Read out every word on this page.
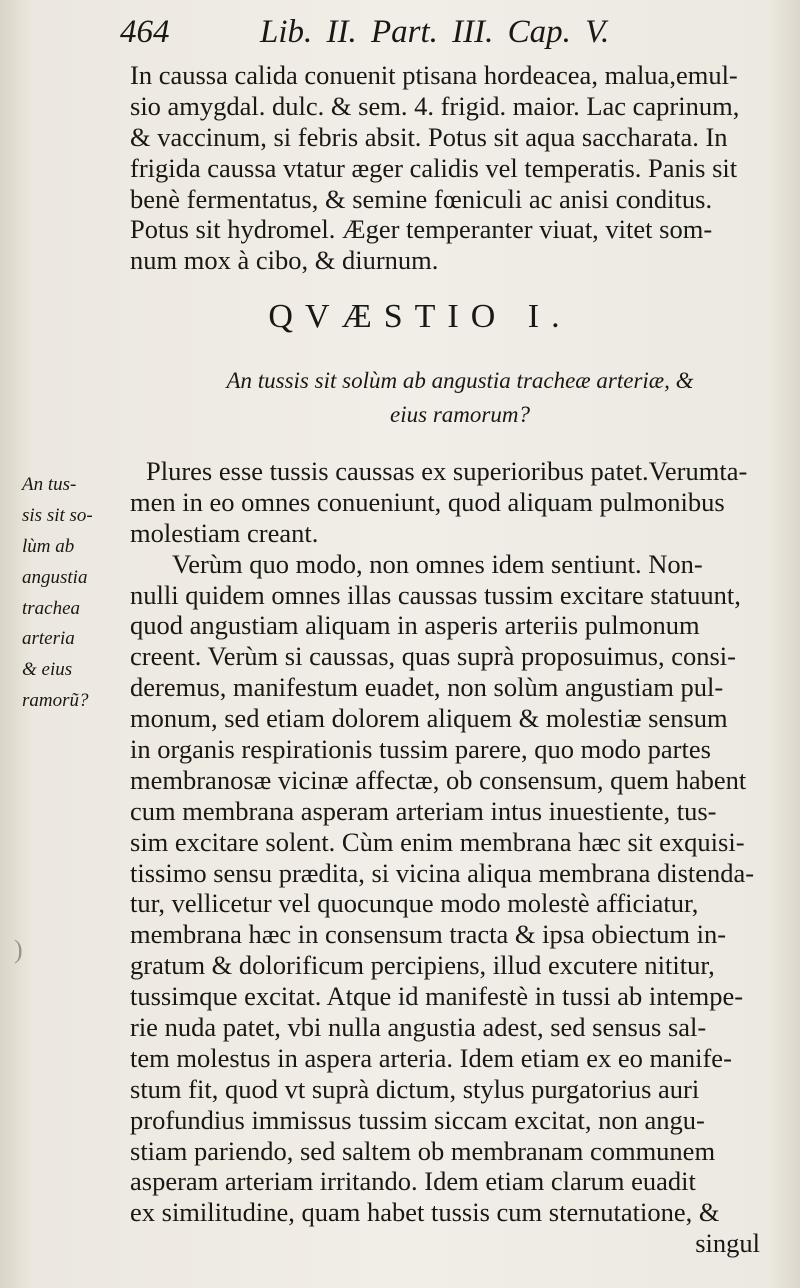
464	Lib. II. Part. III. Cap. V.
In caussa calida conuenit ptisana hordeacea, malua,emul-
sio amygdal. dulc. & sem. 4. frigid. maior. Lac caprinum,
& vaccinum, si febris absit. Potus sit aqua saccharata. In
frigida caussa vtatur æger calidis vel temperatis. Panis sit
benè fermentatus, & semine fœniculi ac anisi conditus.
Potus sit hydromel. Æger temperanter viuat, vitet som-
num mox à cibo, & diurnum.
QVÆSTIO I.
An tussis sit solùm ab angustia tracheæ arteriæ, &
eius ramorum?
An tus-
sis sit so-
lùm ab
angustia
trachea
arteria
& eius
ramorũ?
)
Plures esse tussis caussas ex superioribus patet.Verumta-
men in eo omnes conueniunt, quod aliquam pulmonibus
molestiam creant.
Verùm quo modo, non omnes idem sentiunt. Non-
nulli quidem omnes illas caussas tussim excitare statuunt,
quod angustiam aliquam in asperis arteriis pulmonum
creent. Verùm si caussas, quas suprà proposuimus, consi-
deremus, manifestum euadet, non solùm angustiam pul-
monum, sed etiam dolorem aliquem & molestiæ sensum
in organis respirationis tussim parere, quo modo partes
membranosæ vicinæ affectæ, ob consensum, quem habent
cum membrana asperam arteriam intus inuestiente, tus-
sim excitare solent. Cùm enim membrana hæc sit exquisi-
tissimo sensu prædita, si vicina aliqua membrana distenda-
tur, vellicetur vel quocunque modo molestè afficiatur,
membrana hæc in consensum tracta & ipsa obiectum in-
gratum & dolorificum percipiens, illud excutere nititur,
tussimque excitat. Atque id manifestè in tussi ab intempe-
rie nuda patet, vbi nulla angustia adest, sed sensus sal-
tem molestus in aspera arteria. Idem etiam ex eo manife-
stum fit, quod vt suprà dictum, stylus purgatorius auri
profundius immissus tussim siccam excitat, non angu-
stiam pariendo, sed saltem ob membranam communem
asperam arteriam irritando. Idem etiam clarum euadit
ex similitudine, quam habet tussis cum sternutatione, &
singul
